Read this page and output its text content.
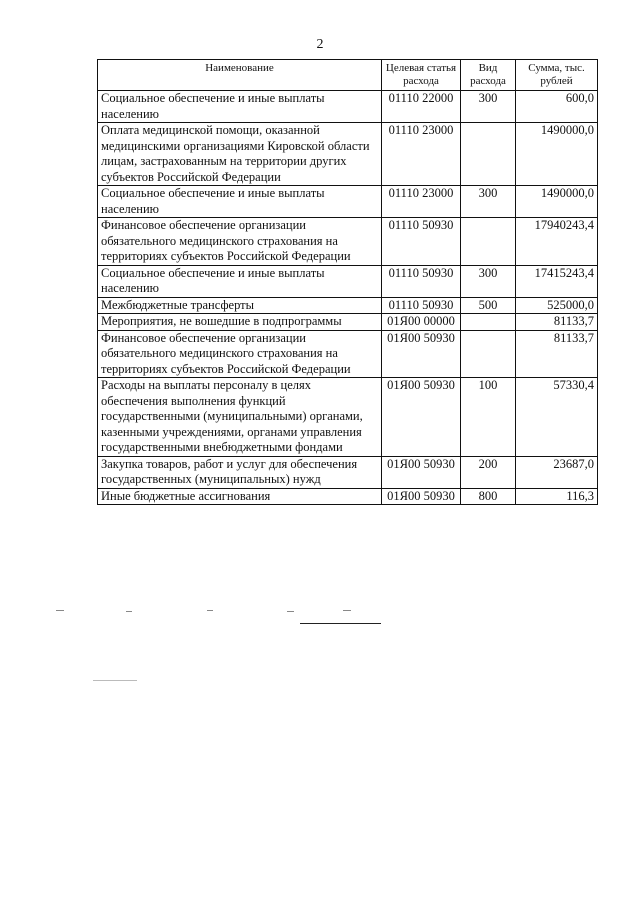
2
Наименование	Целевая статья расхода	Вид расхода	Сумма, тыс. рублей
Социальное обеспечение и иные выплаты населению	01110 22000	300	600,0
Оплата медицинской помощи, оказанной медицинскими организациями Кировской области лицам, застрахованным на территории других субъектов Российской Федерации	01110 23000		1490000,0
Социальное обеспечение и иные выплаты населению	01110 23000	300	1490000,0
Финансовое обеспечение организации обязательного медицинского страхования на территориях субъектов Российской Федерации	01110 50930		17940243,4
Социальное обеспечение и иные выплаты населению	01110 50930	300	17415243,4
Межбюджетные трансферты	01110 50930	500	525000,0
Мероприятия, не вошедшие в подпрограммы	01Я00 00000		81133,7
Финансовое обеспечение организации обязательного медицинского страхования на территориях субъектов Российской Федерации	01Я00 50930		81133,7
Расходы на выплаты персоналу в целях обеспечения выполнения функций государственными (муниципальными) органами, казенными учреждениями, органами управления государственными внебюджетными фондами	01Я00 50930	100	57330,4
Закупка товаров, работ и услуг для обеспечения государственных (муниципальных) нужд	01Я00 50930	200	23687,0
Иные бюджетные ассигнования	01Я00 50930	800	116,3
